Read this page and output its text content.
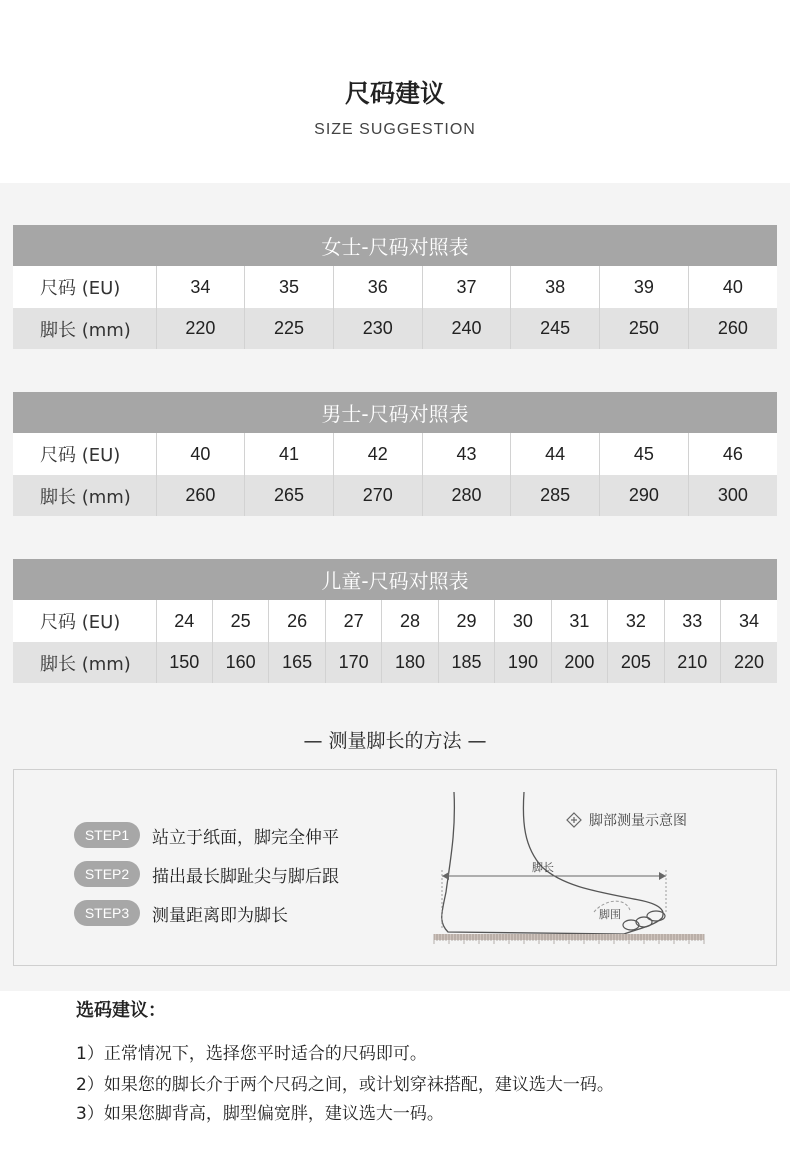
尺码建议
SIZE SUGGESTION
女士-尺码对照表							
尺码 (EU)	34	35	36	37	38	39	40
脚长 (mm)	220	225	230	240	245	250	260
男士-尺码对照表							
尺码 (EU)	40	41	42	43	44	45	46
脚长 (mm)	260	265	270	280	285	290	300
儿童-尺码对照表											
尺码 (EU)	24	25	26	27	28	29	30	31	32	33	34
脚长 (mm)	150	160	165	170	180	185	190	200	205	210	220
— 测量脚长的方法 —
STEP1	站立于纸面，脚完全伸平
STEP2	描出最长脚趾尖与脚后跟
STEP3	测量距离即为脚长
脚部测量示意图
脚长
脚围
选码建议：
1）正常情况下，选择您平时适合的尺码即可。
2）如果您的脚长介于两个尺码之间，或计划穿袜搭配，建议选大一码。
3）如果您脚背高，脚型偏宽胖，建议选大一码。
